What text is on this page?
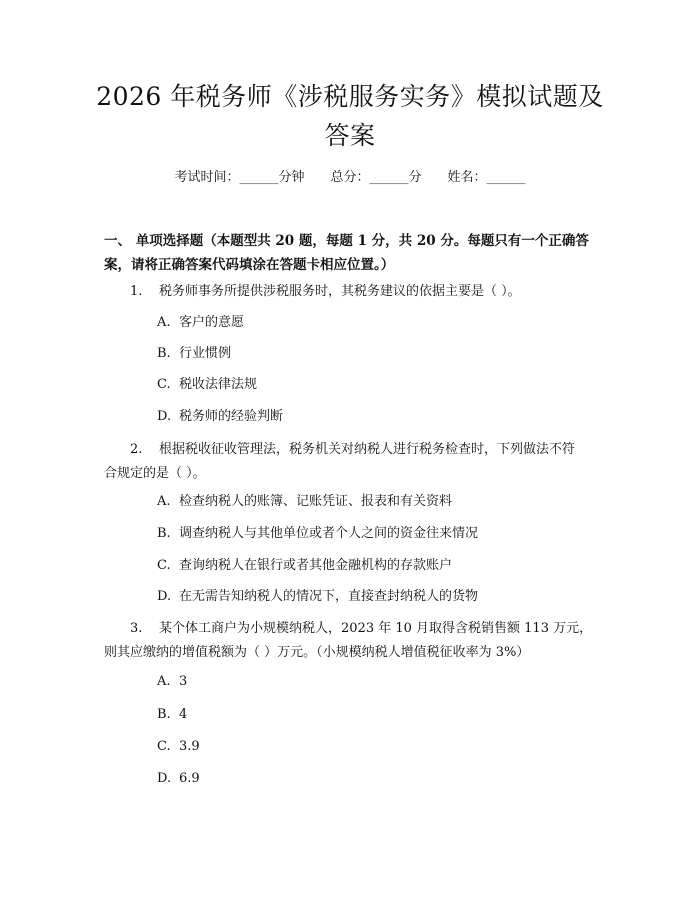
2026 年税务师《涉税服务实务》模拟试题及
答案
考试时间：______分钟 总分：______分 姓名：______
一、 单项选择题（本题型共 20 题，每题 1 分，共 20 分。每题只有一个正确答
案，请将正确答案代码填涂在答题卡相应位置。）
1. 税务师事务所提供涉税服务时，其税务建议的依据主要是（ ）。
A. 客户的意愿
B. 行业惯例
C. 税收法律法规
D. 税务师的经验判断
2. 根据税收征收管理法，税务机关对纳税人进行税务检查时，下列做法不符
合规定的是（ ）。
A. 检查纳税人的账簿、记账凭证、报表和有关资料
B. 调查纳税人与其他单位或者个人之间的资金往来情况
C. 查询纳税人在银行或者其他金融机构的存款账户
D. 在无需告知纳税人的情况下，直接查封纳税人的货物
3. 某个体工商户为小规模纳税人，2023 年 10 月取得含税销售额 113 万元，
则其应缴纳的增值税额为（ ）万元。（小规模纳税人增值税征收率为 3%）
A. 3
B. 4
C. 3.9
D. 6.9
